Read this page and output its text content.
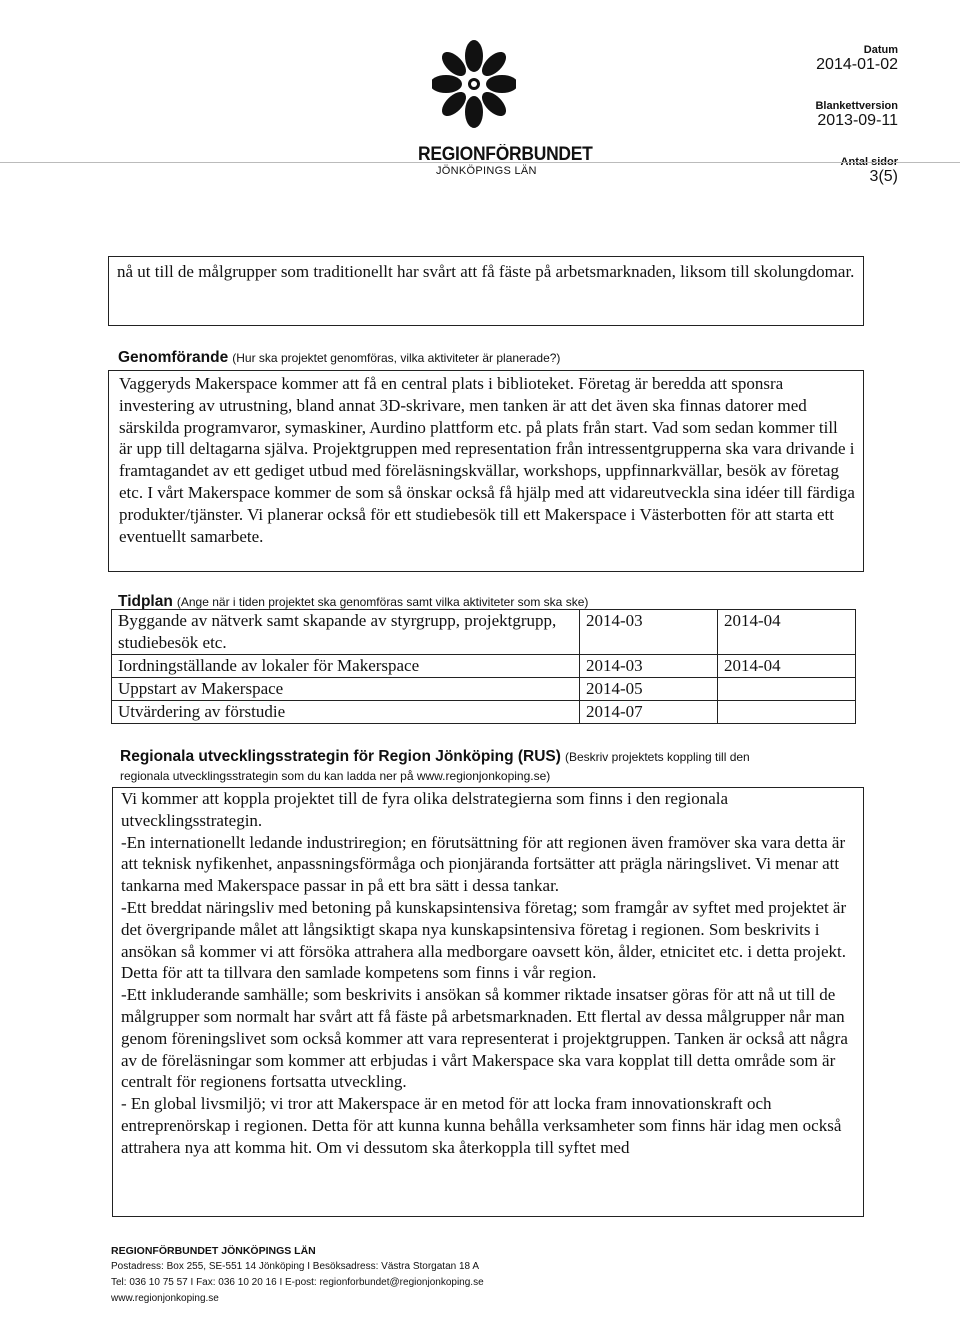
REGIONFÖRBUNDET
JÖNKÖPINGS LÄN
Datum
2014-01-02
Blankettversion
2013-09-11
Antal sidor
3(5)

nå ut till de målgrupper som traditionellt har svårt att få fäste på arbetsmarknaden, liksom till skolungdomar.

Genomförande (Hur ska projektet genomföras, vilka aktiviteter är planerade?)

Vaggeryds Makerspace kommer att få en central plats i biblioteket. Företag är beredda att sponsra investering av utrustning, bland annat 3D-skrivare, men tanken är att det även ska finnas datorer med särskilda programvaror, symaskiner, Aurdino plattform etc. på plats från start. Vad som sedan kommer till är upp till deltagarna själva. Projektgruppen med representation från intressentgrupperna ska vara drivande i framtagandet av ett gediget utbud med föreläsningskvällar, workshops, uppfinnarkvällar, besök av företag etc. I vårt Makerspace kommer de som så önskar också få hjälp med att vidareutveckla sina idéer till färdiga produkter/tjänster. Vi planerar också för ett studiebesök till ett Makerspace i Västerbotten för att starta ett eventuellt samarbete.

Tidplan (Ange när i tiden projektet ska genomföras samt vilka aktiviteter som ska ske)
Byggande av nätverk samt skapande av styrgrupp, projektgrupp, studiebesök etc.	2014-03	2014-04
Iordningställande av lokaler för Makerspace	2014-03	2014-04
Uppstart av Makerspace	2014-05	
Utvärdering av förstudie	2014-07	
Regionala utvecklingsstrategin för Region Jönköping (RUS) (Beskriv projektets koppling till den
regionala utvecklingsstrategin som du kan ladda ner på www.regionjonkoping.se)

Vi kommer att koppla projektet till de fyra olika delstrategierna som finns i den regionala utvecklingsstrategin.

-En internationellt ledande industriregion; en förutsättning för att regionen även framöver ska vara detta är att teknisk nyfikenhet, anpassningsförmåga och pionjäranda fortsätter att prägla näringslivet. Vi menar att tankarna med Makerspace passar in på ett bra sätt i dessa tankar.

-Ett breddat näringsliv med betoning på kunskapsintensiva företag; som framgår av syftet med projektet är det övergripande målet att långsiktigt skapa nya kunskapsintensiva företag i regionen. Som beskrivits i ansökan så kommer vi att försöka attrahera alla medborgare oavsett kön, ålder, etnicitet etc. i detta projekt. Detta för att ta tillvara den samlade kompetens som finns i vår region.

-Ett inkluderande samhälle; som beskrivits i ansökan så kommer riktade insatser göras för att nå ut till de målgrupper som normalt har svårt att få fäste på arbetsmarknaden. Ett flertal av dessa målgrupper når man genom föreningslivet som också kommer att vara representerat i projektgruppen. Tanken är också att några av de föreläsningar som kommer att erbjudas i vårt Makerspace ska vara kopplat till detta område som är centralt för regionens fortsatta utveckling.

- En global livsmiljö; vi tror att Makerspace är en metod för att locka fram innovationskraft och entreprenörskap i regionen. Detta för att kunna kunna behålla verksamheter som finns här idag men också attrahera nya att komma hit. Om vi dessutom ska återkoppla till syftet med

REGIONFÖRBUNDET JÖNKÖPINGS LÄN
Postadress: Box 255, SE-551 14 Jönköping I Besöksadress: Västra Storgatan 18 A
Tel: 036 10 75 57 I Fax: 036 10 20 16 I E-post: regionforbundet@regionjonkoping.se
www.regionjonkoping.se
